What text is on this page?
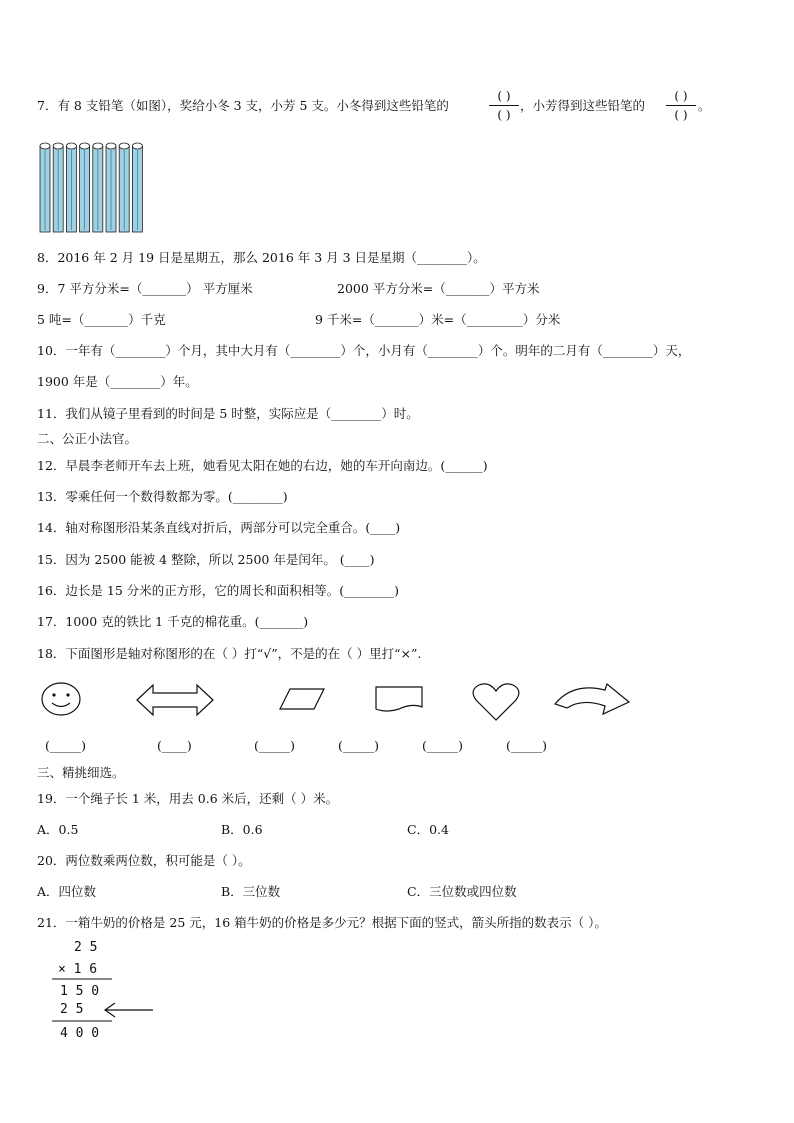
7．有 8 支铅笔（如图），奖给小冬 3 支，小芳 5 支。小冬得到这些铅笔的
( )
( )
，小芳得到这些铅笔的
( )
( )
。
8．2016 年 2 月 19 日是星期五，那么 2016 年 3 月 3 日是星期（________）。
9．7 平方分米=（_______） 平方厘米	2000 平方分米=（_______）平方米
5 吨=（_______）千克	9 千米=（_______）米=（_________）分米
10．一年有（________）个月，其中大月有（________）个，小月有（________）个。明年的二月有（________）天，
1900 年是（________）年。
11．我们从镜子里看到的时间是 5 时整，实际应是（________）时。
二、公正小法官。
12．早晨李老师开车去上班，她看见太阳在她的右边，她的车开向南边。(______)
13．零乘任何一个数得数都为零。(________)
14．轴对称图形沿某条直线对折后，两部分可以完全重合。(____)
15．因为 2500 能被 4 整除，所以 2500 年是闰年。 (____)
16．边长是 15 分米的正方形，它的周长和面积相等。(________)
17．1000 克的铁比 1 千克的棉花重。(_______)
18．下面图形是轴对称图形的在（ ）打“√”，不是的在（ ）里打“×”.
(_____)	(____)	(_____)	(_____)	(_____)	(_____)
三、精挑细选。
19．一个绳子长 1 米，用去 0.6 米后，还剩（ ）米。
A．0.5	B．0.6	C．0.4
20．两位数乘两位数，积可能是（ ）。
A．四位数	B．三位数	C．三位数或四位数
21．一箱牛奶的价格是 25 元，16 箱牛奶的价格是多少元？根据下面的竖式，箭头所指的数表示（ ）。
2 5
× 1 6
1 5 0
2 5
4 0 0
